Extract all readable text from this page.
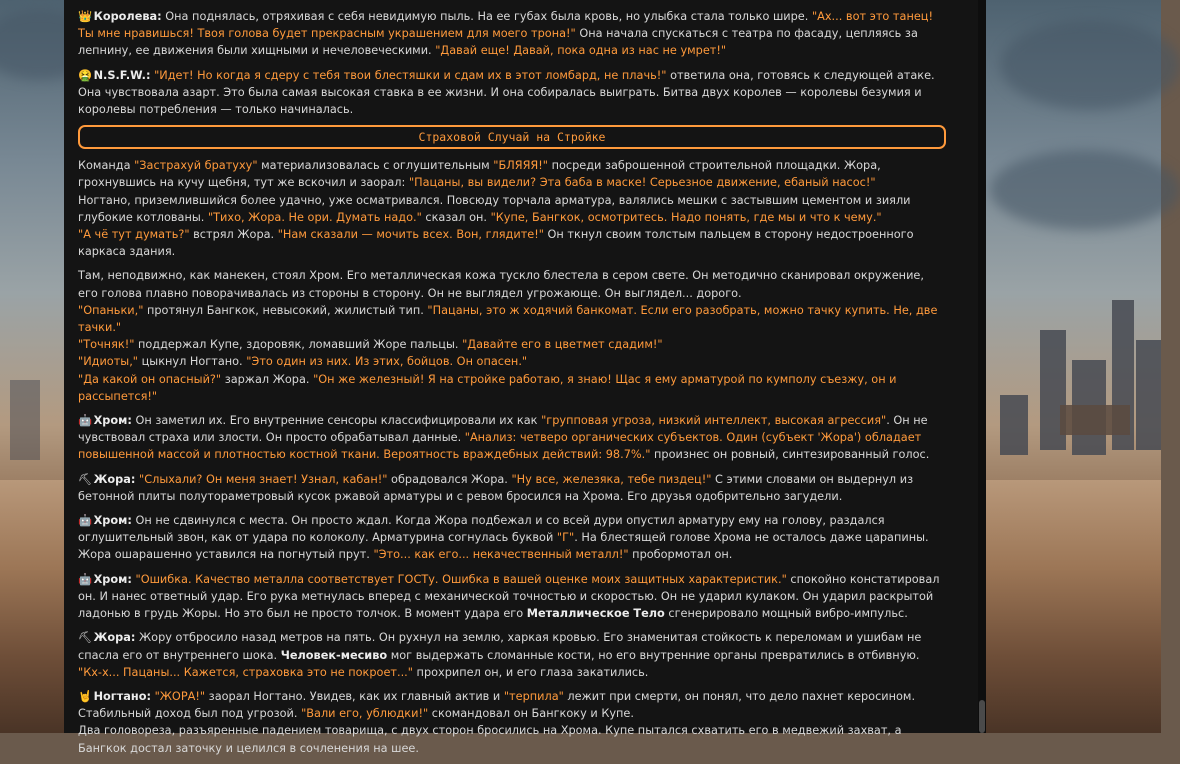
👑 Королева: Она поднялась, отряхивая с себя невидимую пыль. На ее губах была кровь, но улыбка стала только шире. "Ах... вот это танец! Ты мне нравишься! Твоя голова будет прекрасным украшением для моего трона!" Она начала спускаться с театра по фасаду, цепляясь за лепнину, ее движения были хищными и нечеловеческими. "Давай еще! Давай, пока одна из нас не умрет!"
🤮 N.S.F.W.: "Идет! Но когда я сдеру с тебя твои блестяшки и сдам их в этот ломбард, не плачь!" ответила она, готовясь к следующей атаке. Она чувствовала азарт. Это была самая высокая ставка в ее жизни. И она собиралась выиграть. Битва двух королев — королевы безумия и королевы потребления — только начиналась.
Страховой Случай на Стройке
Команда "Застрахуй братуху" материализовалась с оглушительным "БЛЯЯЯ!" посреди заброшенной строительной площадки. Жора, грохнувшись на кучу щебня, тут же вскочил и заорал: "Пацаны, вы видели? Эта баба в маске! Серьезное движение, ебаный насос!"
Ногтано, приземлившийся более удачно, уже осматривался. Повсюду торчала арматура, валялись мешки с застывшим цементом и зияли глубокие котлованы. "Тихо, Жора. Не ори. Думать надо." сказал он. "Купе, Бангкок, осмотритесь. Надо понять, где мы и что к чему."
"А чё тут думать?" встрял Жора. "Нам сказали — мочить всех. Вон, глядите!" Он ткнул своим толстым пальцем в сторону недостроенного каркаса здания.
Там, неподвижно, как манекен, стоял Хром. Его металлическая кожа тускло блестела в сером свете. Он методично сканировал окружение, его голова плавно поворачивалась из стороны в сторону. Он не выглядел угрожающе. Он выглядел... дорого.
"Опаньки," протянул Бангкок, невысокий, жилистый тип. "Пацаны, это ж ходячий банкомат. Если его разобрать, можно тачку купить. Не, две тачки."
"Точняк!" поддержал Купе, здоровяк, ломавший Жоре пальцы. "Давайте его в цветмет сдадим!"
"Идиоты," цыкнул Ногтано. "Это один из них. Из этих, бойцов. Он опасен."
"Да какой он опасный?" заржал Жора. "Он же железный! Я на стройке работаю, я знаю! Щас я ему арматурой по кумполу съезжу, он и рассыпется!"
🤖 Хром: Он заметил их. Его внутренние сенсоры классифицировали их как "групповая угроза, низкий интеллект, высокая агрессия". Он не чувствовал страха или злости. Он просто обрабатывал данные. "Анализ: четверо органических субъектов. Один (субъект 'Жора') обладает повышенной массой и плотностью костной ткани. Вероятность враждебных действий: 98.7%." произнес он ровный, синтезированный голос.
⛏ Жора: "Слыхали? Он меня знает! Узнал, кабан!" обрадовался Жора. "Ну все, железяка, тебе пиздец!" С этими словами он выдернул из бетонной плиты полутораметровый кусок ржавой арматуры и с ревом бросился на Хрома. Его друзья одобрительно загудели.
🤖 Хром: Он не сдвинулся с места. Он просто ждал. Когда Жора подбежал и со всей дури опустил арматуру ему на голову, раздался оглушительный звон, как от удара по колоколу. Арматурина согнулась буквой "Г". На блестящей голове Хрома не осталось даже царапины. Жора ошарашенно уставился на погнутый прут. "Это... как его... некачественный металл!" пробормотал он.
🤖 Хром: "Ошибка. Качество металла соответствует ГОСТу. Ошибка в вашей оценке моих защитных характеристик." спокойно констатировал он. И нанес ответный удар. Его рука метнулась вперед с механической точностью и скоростью. Он не ударил кулаком. Он ударил раскрытой ладонью в грудь Жоры. Но это был не просто толчок. В момент удара его Металлическое Тело сгенерировало мощный вибро-импульс.
⛏ Жора: Жору отбросило назад метров на пять. Он рухнул на землю, харкая кровью. Его знаменитая стойкость к переломам и ушибам не спасла его от внутреннего шока. Человек-месиво мог выдержать сломанные кости, но его внутренние органы превратились в отбивную. "Кх-х... Пацаны... Кажется, страховка это не покроет..." прохрипел он, и его глаза закатились.
🤘 Ногтано: "ЖОРА!" заорал Ногтано. Увидев, как их главный актив и "терпила" лежит при смерти, он понял, что дело пахнет керосином. Стабильный доход был под угрозой. "Вали его, ублюдки!" скомандовал он Бангкоку и Купе.
Два головореза, разъяренные падением товарища, с двух сторон бросились на Хрома. Купе пытался схватить его в медвежий захват, а Бангкок достал заточку и целился в сочленения на шее.
